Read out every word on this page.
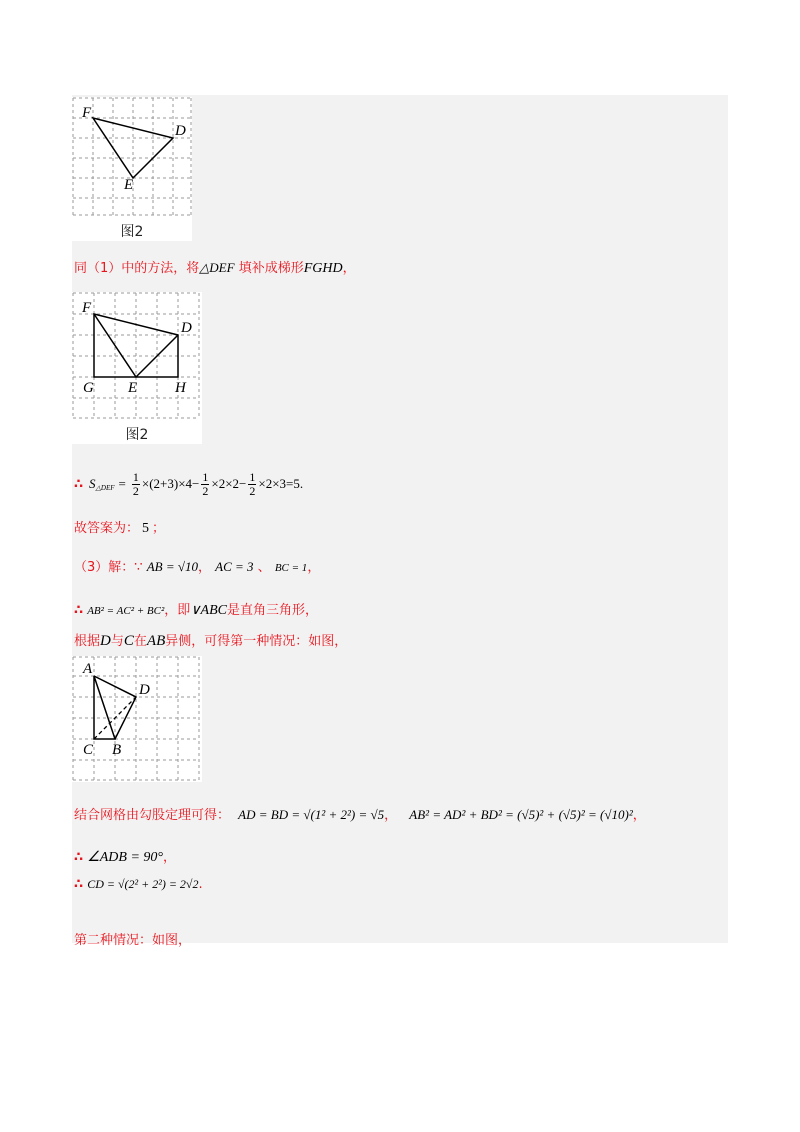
F
D
E
图2
同（1）中的方法，将△DEF 填补成梯形FGHD，
F
D
G E	H
图2
∴ S △DEF = $\frac{1}{2} \times(2+3)\times 4- \frac{1}{2} \times 2\times 2- \frac{1}{2} \times 2\times 3=5$ .
故答案为： 5 ；
（3）解：∵ AB = √10， AC = 3 、 BC = 1，
∴ AB² = AC² + BC²，即∨ABC是直角三角形，
根据D与C在AB异侧，可得第一种情况：如图，
A
D
C B
结合网格由勾股定理可得： AD = BD = √(1² + 2²) = √5， AB² = AD² + BD² = (√5)² + (√5)² = (√10)²，
∴ ∠ADB = 90°，
∴ CD = √(2² + 2²) = 2√2.
第二种情况：如图，
